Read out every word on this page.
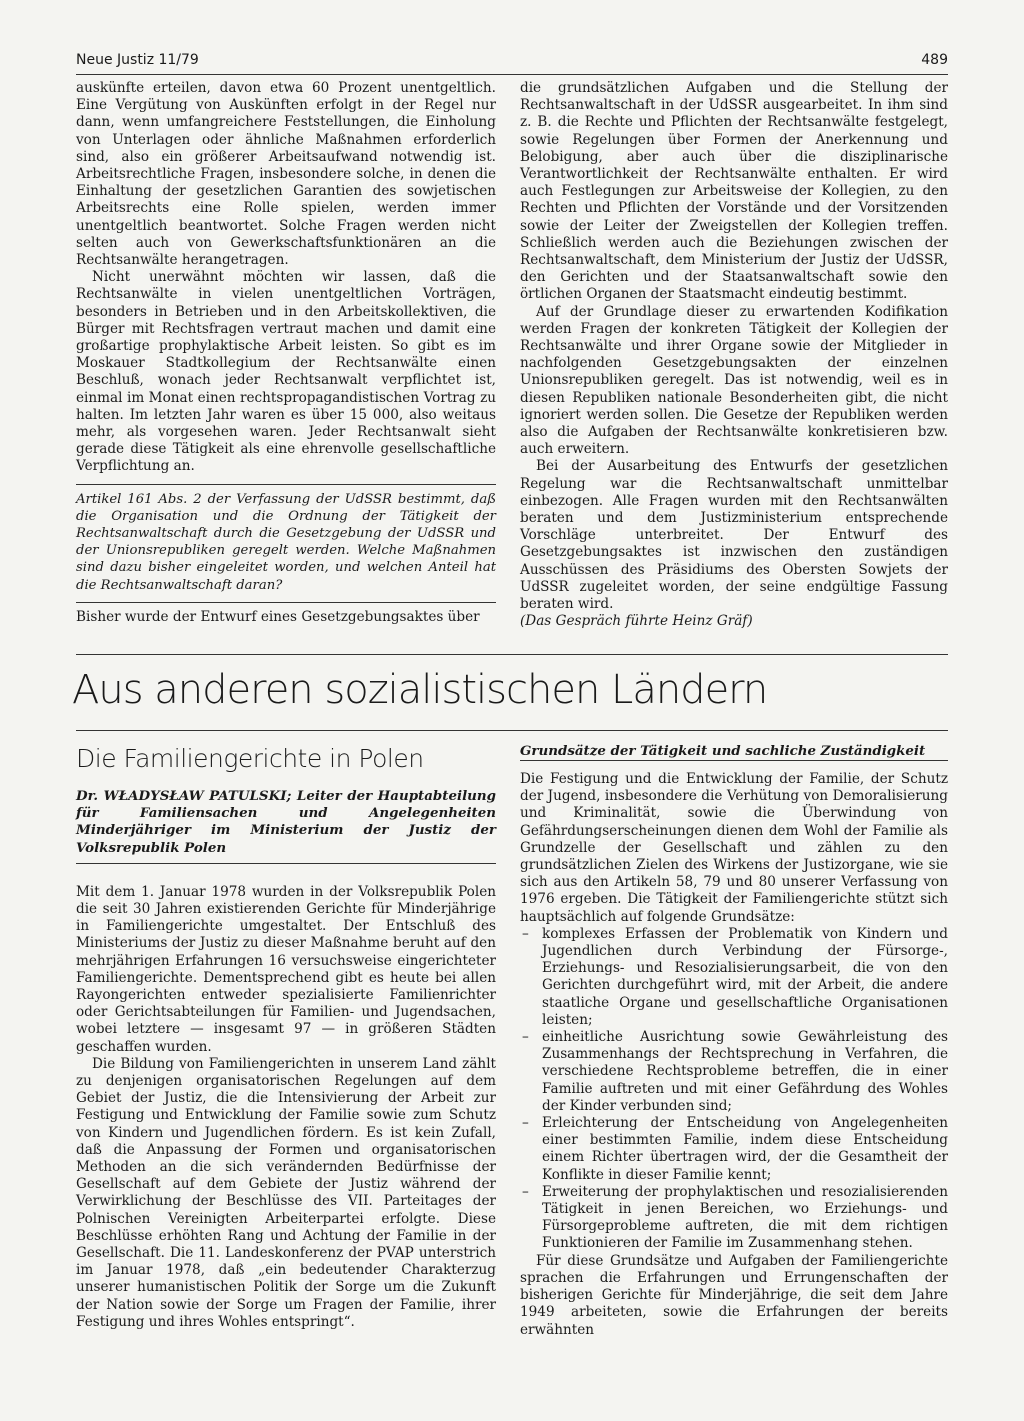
Neue Justiz 11/79	489

auskünfte erteilen, davon etwa 60 Prozent unentgeltlich. Eine Vergütung von Auskünften erfolgt in der Regel nur dann, wenn umfangreichere Feststellungen, die Einholung von Unterlagen oder ähnliche Maßnahmen erforderlich sind, also ein größerer Arbeitsaufwand notwendig ist. Arbeitsrechtliche Fragen, insbesondere solche, in denen die Einhaltung der gesetzlichen Garantien des sowjetischen Arbeitsrechts eine Rolle spielen, werden immer unentgeltlich beantwortet. Solche Fragen werden nicht selten auch von Gewerkschaftsfunktionären an die Rechtsanwälte herangetragen.

Nicht unerwähnt möchten wir lassen, daß die Rechtsanwälte in vielen unentgeltlichen Vorträgen, besonders in Betrieben und in den Arbeitskollektiven, die Bürger mit Rechtsfragen vertraut machen und damit eine großartige prophylaktische Arbeit leisten. So gibt es im Moskauer Stadtkollegium der Rechtsanwälte einen Beschluß, wonach jeder Rechtsanwalt verpflichtet ist, einmal im Monat einen rechtspropagandistischen Vortrag zu halten. Im letzten Jahr waren es über 15 000, also weitaus mehr, als vorgesehen waren. Jeder Rechtsanwalt sieht gerade diese Tätigkeit als eine ehrenvolle gesellschaftliche Verpflichtung an.

Artikel 161 Abs. 2 der Verfassung der UdSSR bestimmt, daß die Organisation und die Ordnung der Tätigkeit der Rechtsanwaltschaft durch die Gesetzgebung der UdSSR und der Unionsrepubliken geregelt werden. Welche Maßnahmen sind dazu bisher eingeleitet worden, und welchen Anteil hat die Rechtsanwaltschaft daran?

Bisher wurde der Entwurf eines Gesetzgebungsaktes über

die grundsätzlichen Aufgaben und die Stellung der Rechtsanwaltschaft in der UdSSR ausgearbeitet. In ihm sind z. B. die Rechte und Pflichten der Rechtsanwälte festgelegt, sowie Regelungen über Formen der Anerkennung und Belobigung, aber auch über die disziplinarische Verantwortlichkeit der Rechtsanwälte enthalten. Er wird auch Festlegungen zur Arbeitsweise der Kollegien, zu den Rechten und Pflichten der Vorstände und der Vorsitzenden sowie der Leiter der Zweigstellen der Kollegien treffen. Schließlich werden auch die Beziehungen zwischen der Rechtsanwaltschaft, dem Ministerium der Justiz der UdSSR, den Gerichten und der Staatsanwaltschaft sowie den örtlichen Organen der Staatsmacht eindeutig bestimmt.

Auf der Grundlage dieser zu erwartenden Kodifikation werden Fragen der konkreten Tätigkeit der Kollegien der Rechtsanwälte und ihrer Organe sowie der Mitglieder in nachfolgenden Gesetzgebungsakten der einzelnen Unionsrepubliken geregelt. Das ist notwendig, weil es in diesen Republiken nationale Besonderheiten gibt, die nicht ignoriert werden sollen. Die Gesetze der Republiken werden also die Aufgaben der Rechtsanwälte konkretisieren bzw. auch erweitern.

Bei der Ausarbeitung des Entwurfs der gesetzlichen Regelung war die Rechtsanwaltschaft unmittelbar einbezogen. Alle Fragen wurden mit den Rechtsanwälten beraten und dem Justizministerium entsprechende Vorschläge unterbreitet. Der Entwurf des Gesetzgebungsaktes ist inzwischen den zuständigen Ausschüssen des Präsidiums des Obersten Sowjets der UdSSR zugeleitet worden, der seine endgültige Fassung beraten wird.

(Das Gespräch führte Heinz Gräf)

Aus anderen sozialistischen Ländern
Die Familiengerichte in Polen

Dr. WŁADYSŁAW PATULSKI; Leiter der Hauptabteilung für Familiensachen und Angelegenheiten Minderjähriger im Ministerium der Justiz der Volksrepublik Polen

Mit dem 1. Januar 1978 wurden in der Volksrepublik Polen die seit 30 Jahren existierenden Gerichte für Minderjährige in Familiengerichte umgestaltet. Der Entschluß des Ministeriums der Justiz zu dieser Maßnahme beruht auf den mehrjährigen Erfahrungen 16 versuchsweise eingerichteter Familiengerichte. Dementsprechend gibt es heute bei allen Rayongerichten entweder spezialisierte Familienrichter oder Gerichtsabteilungen für Familien- und Jugendsachen, wobei letztere — insgesamt 97 — in größeren Städten geschaffen wurden.

Die Bildung von Familiengerichten in unserem Land zählt zu denjenigen organisatorischen Regelungen auf dem Gebiet der Justiz, die die Intensivierung der Arbeit zur Festigung und Entwicklung der Familie sowie zum Schutz von Kindern und Jugendlichen fördern. Es ist kein Zufall, daß die Anpassung der Formen und organisatorischen Methoden an die sich verändernden Bedürfnisse der Gesellschaft auf dem Gebiete der Justiz während der Verwirklichung der Beschlüsse des VII. Parteitages der Polnischen Vereinigten Arbeiterpartei erfolgte. Diese Beschlüsse erhöhten Rang und Achtung der Familie in der Gesellschaft. Die 11. Landeskonferenz der PVAP unterstrich im Januar 1978, daß „ein bedeutender Charakterzug unserer humanistischen Politik der Sorge um die Zukunft der Nation sowie der Sorge um Fragen der Familie, ihrer Festigung und ihres Wohles entspringt“.

Grundsätze der Tätigkeit und sachliche Zuständigkeit

Die Festigung und die Entwicklung der Familie, der Schutz der Jugend, insbesondere die Verhütung von Demoralisierung und Kriminalität, sowie die Überwindung von Gefährdungserscheinungen dienen dem Wohl der Familie als Grundzelle der Gesellschaft und zählen zu den grundsätzlichen Zielen des Wirkens der Justizorgane, wie sie sich aus den Artikeln 58, 79 und 80 unserer Verfassung von 1976 ergeben. Die Tätigkeit der Familiengerichte stützt sich hauptsächlich auf folgende Grundsätze:

– komplexes Erfassen der Problematik von Kindern und Jugendlichen durch Verbindung der Fürsorge-, Erziehungs- und Resozialisierungsarbeit, die von den Gerichten durchgeführt wird, mit der Arbeit, die andere staatliche Organe und gesellschaftliche Organisationen leisten;
– einheitliche Ausrichtung sowie Gewährleistung des Zusammenhangs der Rechtsprechung in Verfahren, die verschiedene Rechtsprobleme betreffen, die in einer Familie auftreten und mit einer Gefährdung des Wohles der Kinder verbunden sind;
– Erleichterung der Entscheidung von Angelegenheiten einer bestimmten Familie, indem diese Entscheidung einem Richter übertragen wird, der die Gesamtheit der Konflikte in dieser Familie kennt;
– Erweiterung der prophylaktischen und resozialisierenden Tätigkeit in jenen Bereichen, wo Erziehungs- und Fürsorgeprobleme auftreten, die mit dem richtigen Funktionieren der Familie im Zusammenhang stehen.

Für diese Grundsätze und Aufgaben der Familiengerichte sprachen die Erfahrungen und Errungenschaften der bisherigen Gerichte für Minderjährige, die seit dem Jahre 1949 arbeiteten, sowie die Erfahrungen der bereits erwähnten
